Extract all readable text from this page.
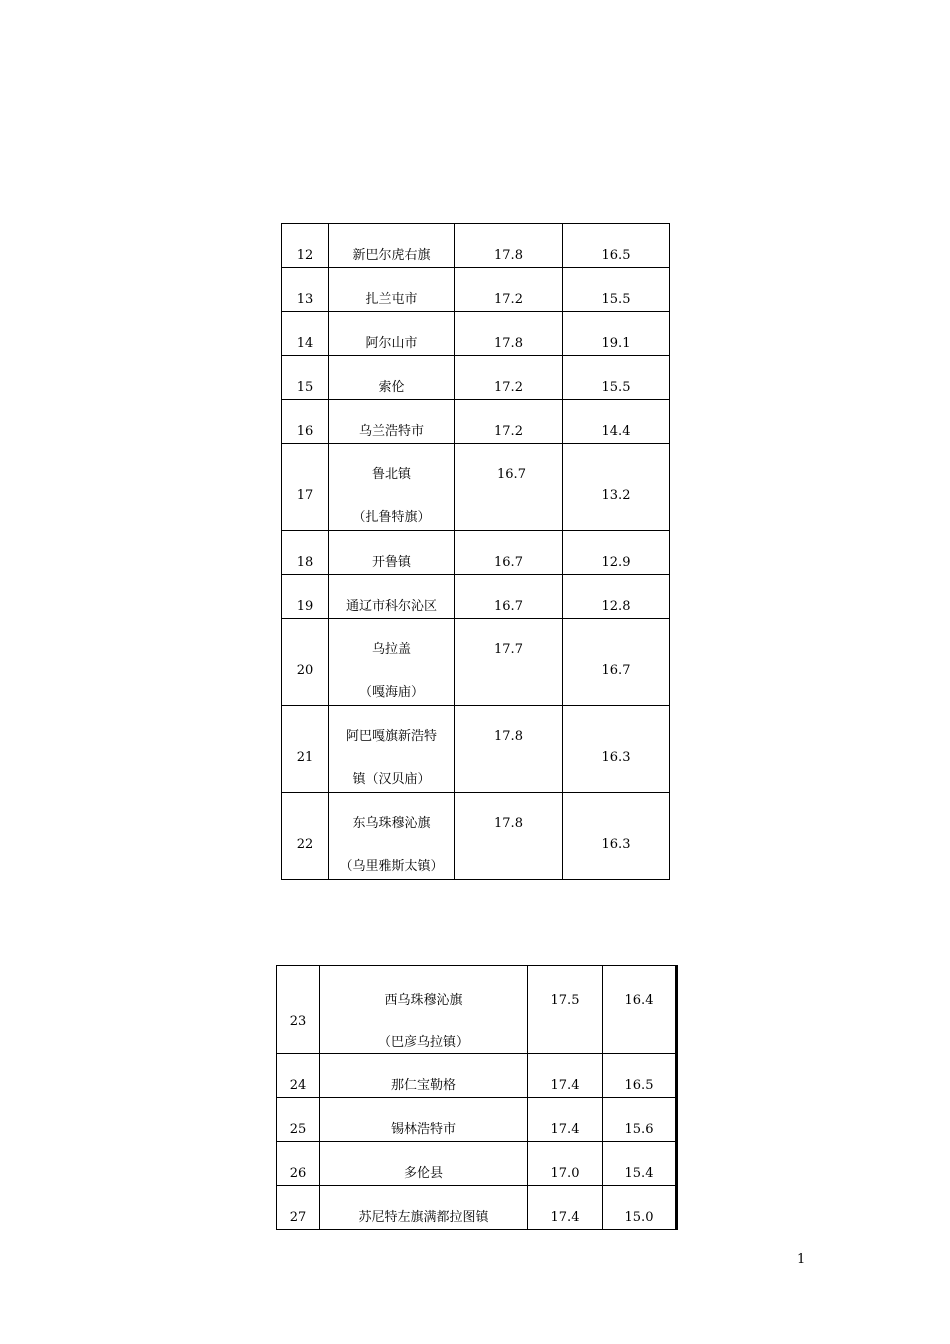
12	新巴尔虎右旗	17.8	16.5

13	扎兰屯市	17.2	15.5

14	阿尔山市	17.8	19.1

15	索伦	17.2	15.5

16	乌兰浩特市	17.2	14.4

17	鲁北镇
（扎鲁特旗）	16.7	13.2

18	开鲁镇	16.7	12.9

19	通辽市科尔沁区	16.7	12.8

20	乌拉盖
（嘎海庙）	17.7	16.7

21	阿巴嘎旗新浩特
镇（汉贝庙）	17.8	16.3

22	东乌珠穆沁旗
（乌里雅斯太镇）	17.8	16.3
23	西乌珠穆沁旗
（巴彦乌拉镇）	17.5	16.4

24	那仁宝勒格	17.4	16.5

25	锡林浩特市	17.4	15.6

26	多伦县	17.0	15.4

27	苏尼特左旗满都拉图镇	17.4	15.0
1
